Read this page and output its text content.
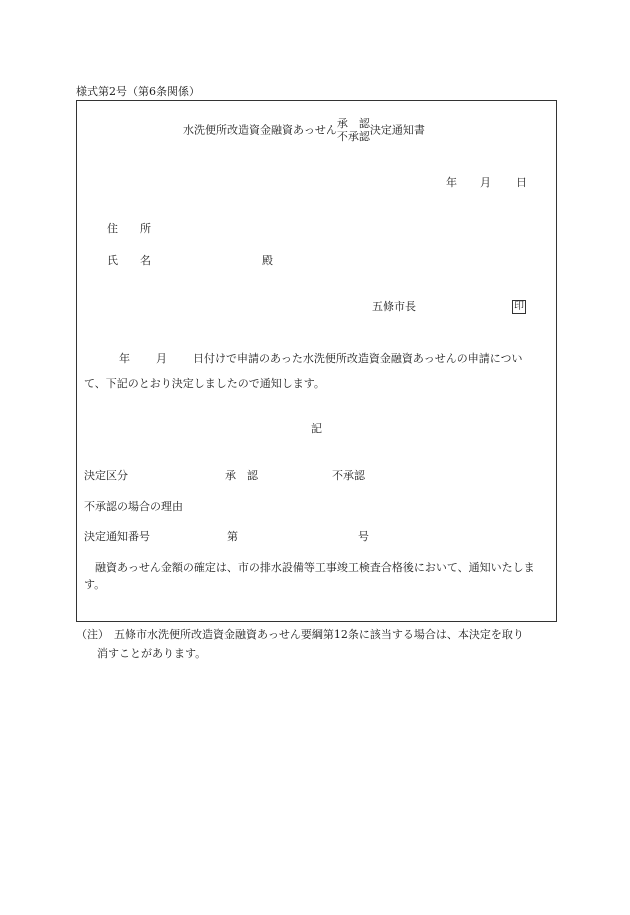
様式第2号（第6条関係）
水洗便所改造資金融資あっせん 承　認
不承認 決定通知書
年 月 日
住　　所
氏　　名	殿
五條市長	印
年 月 日付けで申請のあった水洗便所改造資金融資あっせんの申請につい
て、下記のとおり決定しましたので通知します。
記
決定区分	承　認	不承認
不承認の場合の理由
決定通知番号	第	号
融資あっせん金額の確定は、市の排水設備等工事竣工検査合格後において、通知いたします。
（注） 五條市水洗便所改造資金融資あっせん要綱第12条に該当する場合は、本決定を取り
消すことがあります。
